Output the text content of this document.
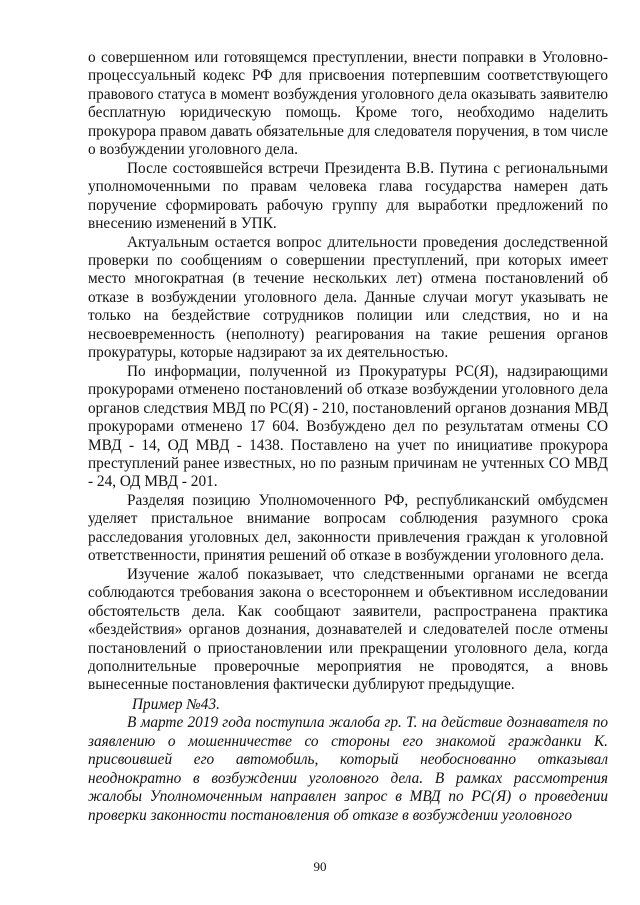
о совершенном или готовящемся преступлении, внести поправки в Уголовно-процессуальный кодекс РФ для присвоения потерпевшим соответствующего правового статуса в момент возбуждения уголовного дела оказывать заявителю бесплатную юридическую помощь. Кроме того, необходимо наделить прокурора правом давать обязательные для следователя поручения, в том числе о возбуждении уголовного дела.

После состоявшейся встречи Президента В.В. Путина с региональными уполномоченными по правам человека глава государства намерен дать поручение сформировать рабочую группу для выработки предложений по внесению изменений в УПК.

Актуальным остается вопрос длительности проведения доследственной проверки по сообщениям о совершении преступлений, при которых имеет место многократная (в течение нескольких лет) отмена постановлений об отказе в возбуждении уголовного дела. Данные случаи могут указывать не только на бездействие сотрудников полиции или следствия, но и на несвоевременность (неполноту) реагирования на такие решения органов прокуратуры, которые надзирают за их деятельностью.

По информации, полученной из Прокуратуры РС(Я), надзирающими прокурорами отменено постановлений об отказе возбуждении уголовного дела органов следствия МВД по РС(Я) - 210, постановлений органов дознания МВД прокурорами отменено 17 604. Возбуждено дел по результатам отмены СО МВД - 14, ОД МВД - 1438. Поставлено на учет по инициативе прокурора преступлений ранее известных, но по разным причинам не учтенных СО МВД - 24, ОД МВД - 201.

Разделяя позицию Уполномоченного РФ, республиканский омбудсмен уделяет пристальное внимание вопросам соблюдения разумного срока расследования уголовных дел, законности привлечения граждан к уголовной ответственности, принятия решений об отказе в возбуждении уголовного дела.

Изучение жалоб показывает, что следственными органами не всегда соблюдаются требования закона о всестороннем и объективном исследовании обстоятельств дела. Как сообщают заявители, распространена практика «бездействия» органов дознания, дознавателей и следователей после отмены постановлений о приостановлении или прекращении уголовного дела, когда дополнительные проверочные мероприятия не проводятся, а вновь вынесенные постановления фактически дублируют предыдущие.

Пример №43.

В марте 2019 года поступила жалоба гр. Т. на действие дознавателя по заявлению о мошенничестве со стороны его знакомой гражданки К. присвоившей его автомобиль, который необоснованно отказывал неоднократно в возбуждении уголовного дела. В рамках рассмотрения жалобы Уполномоченным направлен запрос в МВД по РС(Я) о проведении проверки законности постановления об отказе в возбуждении уголовного

90
